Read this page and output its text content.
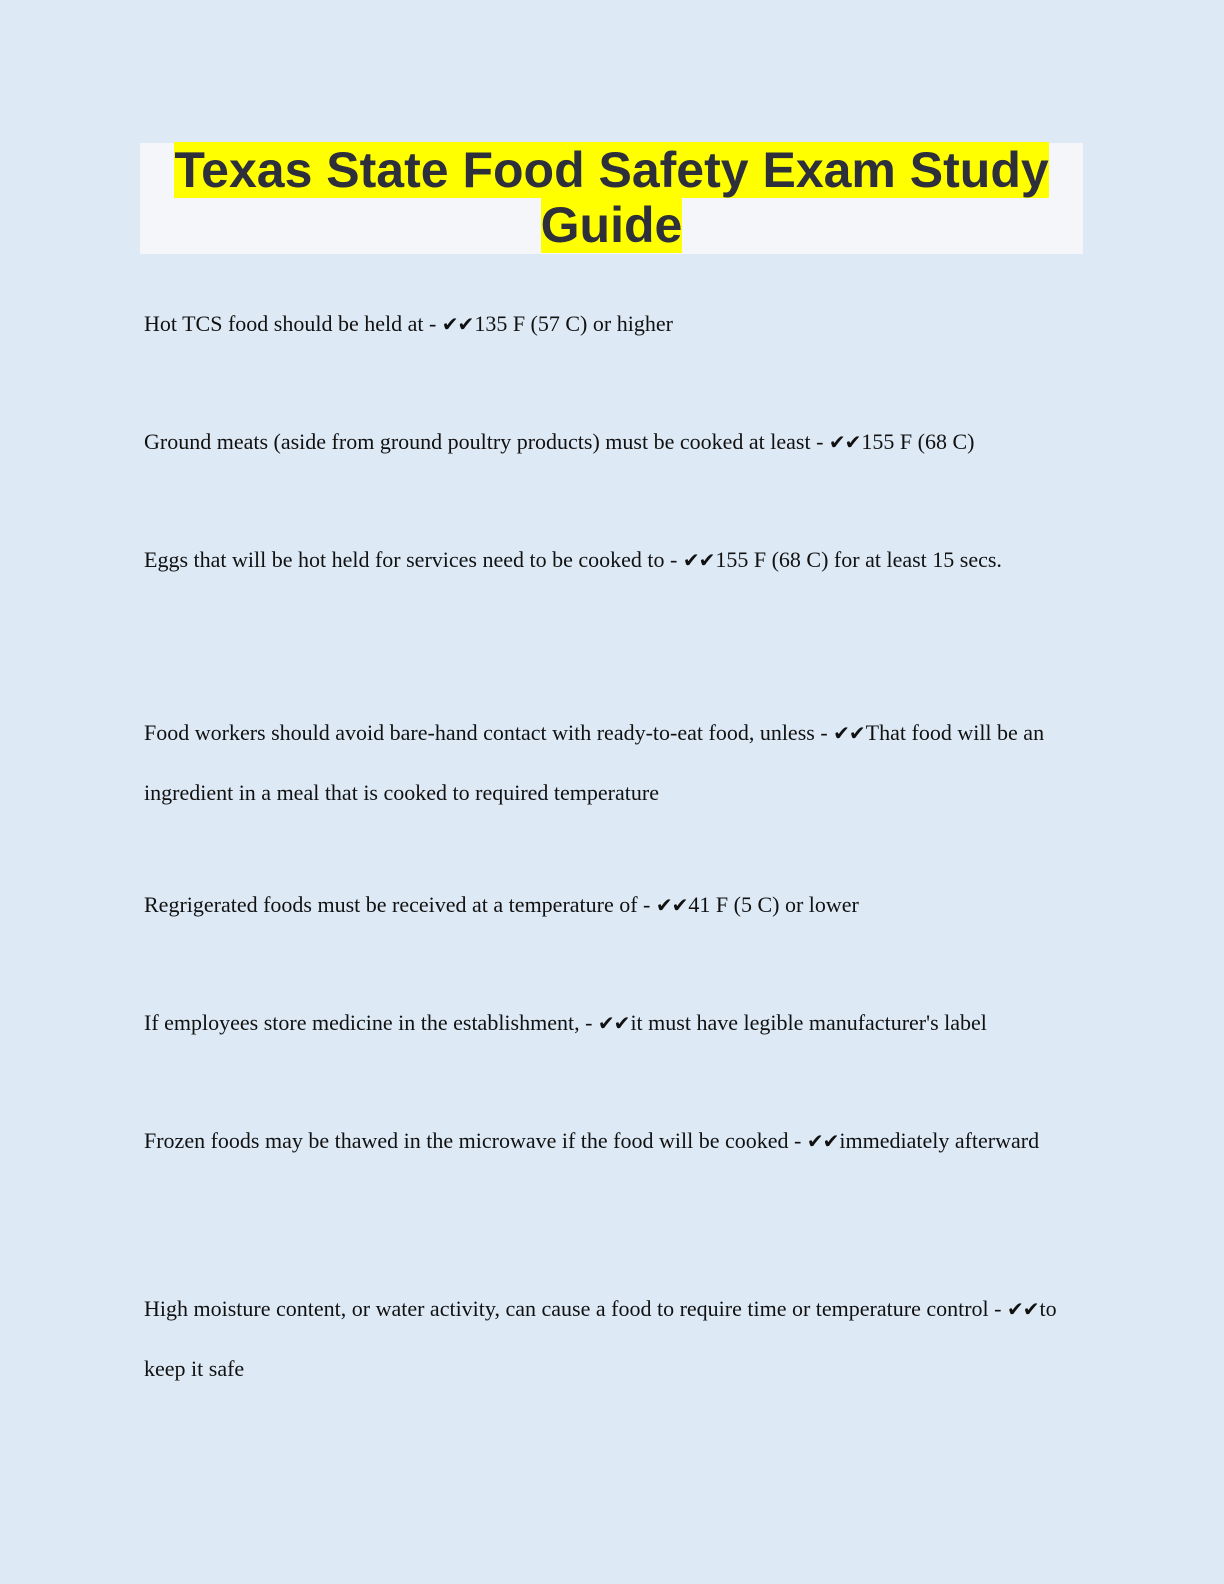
Texas State Food Safety Exam Study Guide

Hot TCS food should be held at - ✔✔135 F (57 C) or higher

Ground meats (aside from ground poultry products) must be cooked at least - ✔✔155 F (68 C)

Eggs that will be hot held for services need to be cooked to - ✔✔155 F (68 C) for at least 15 secs.

Food workers should avoid bare-hand contact with ready-to-eat food, unless - ✔✔That food will be an ingredient in a meal that is cooked to required temperature

Regrigerated foods must be received at a temperature of - ✔✔41 F (5 C) or lower

If employees store medicine in the establishment, - ✔✔it must have legible manufacturer's label

Frozen foods may be thawed in the microwave if the food will be cooked - ✔✔immediately afterward

High moisture content, or water activity, can cause a food to require time or temperature control - ✔✔to keep it safe
